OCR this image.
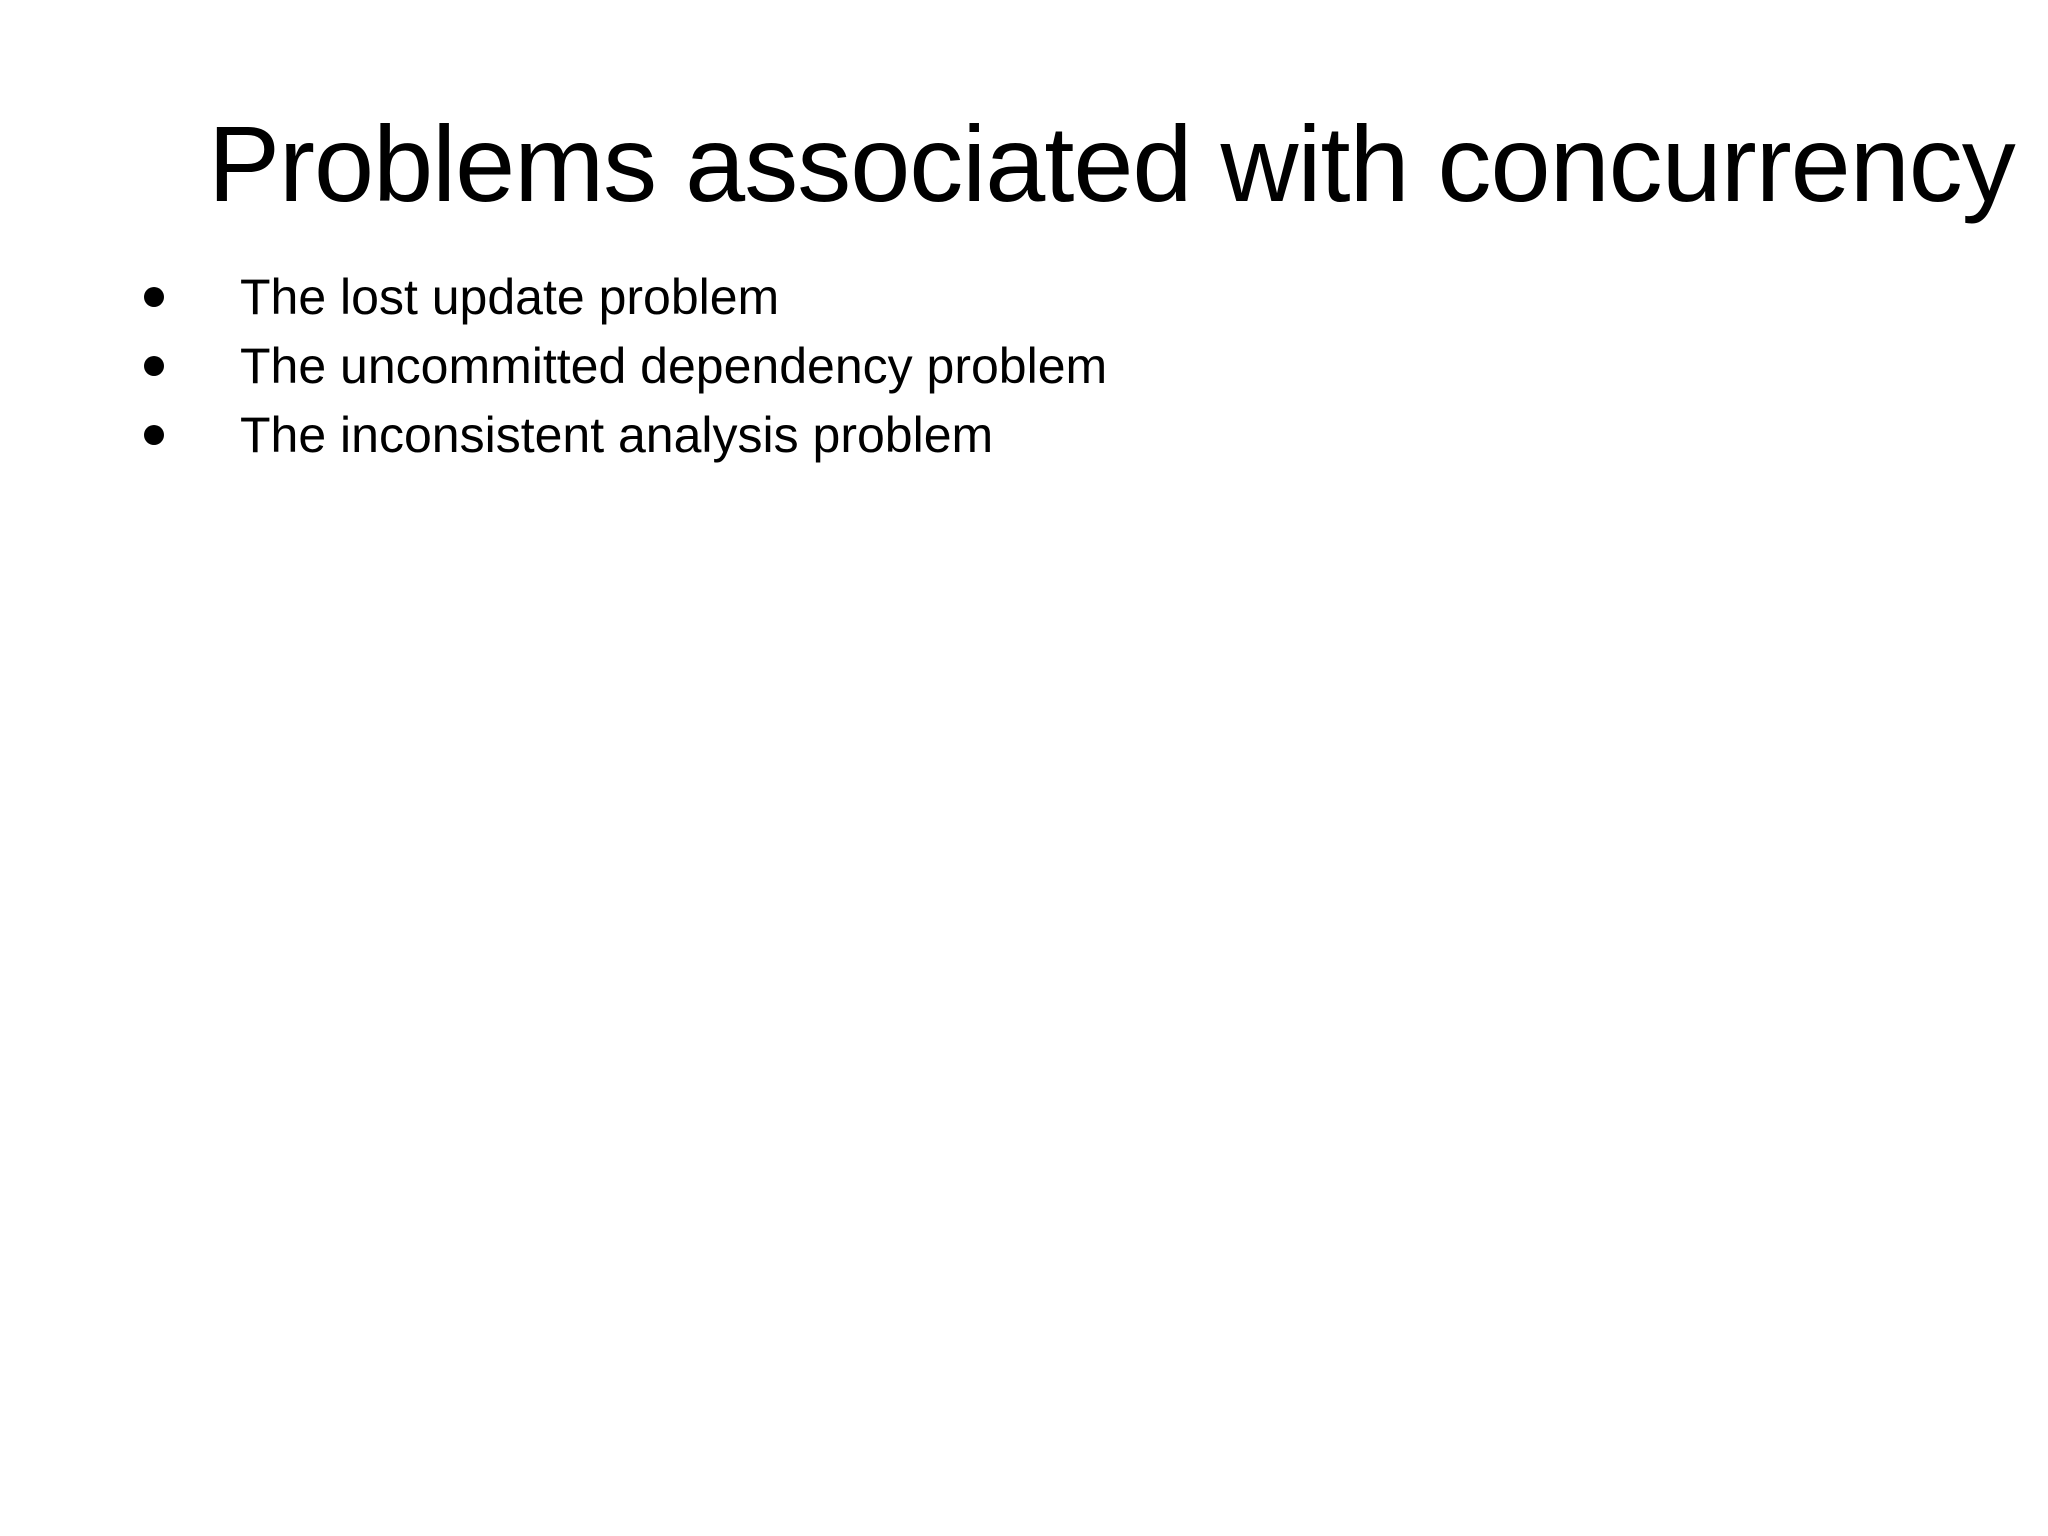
Problems associated with concurrency
The lost update problem
The uncommitted dependency problem
The inconsistent analysis problem
